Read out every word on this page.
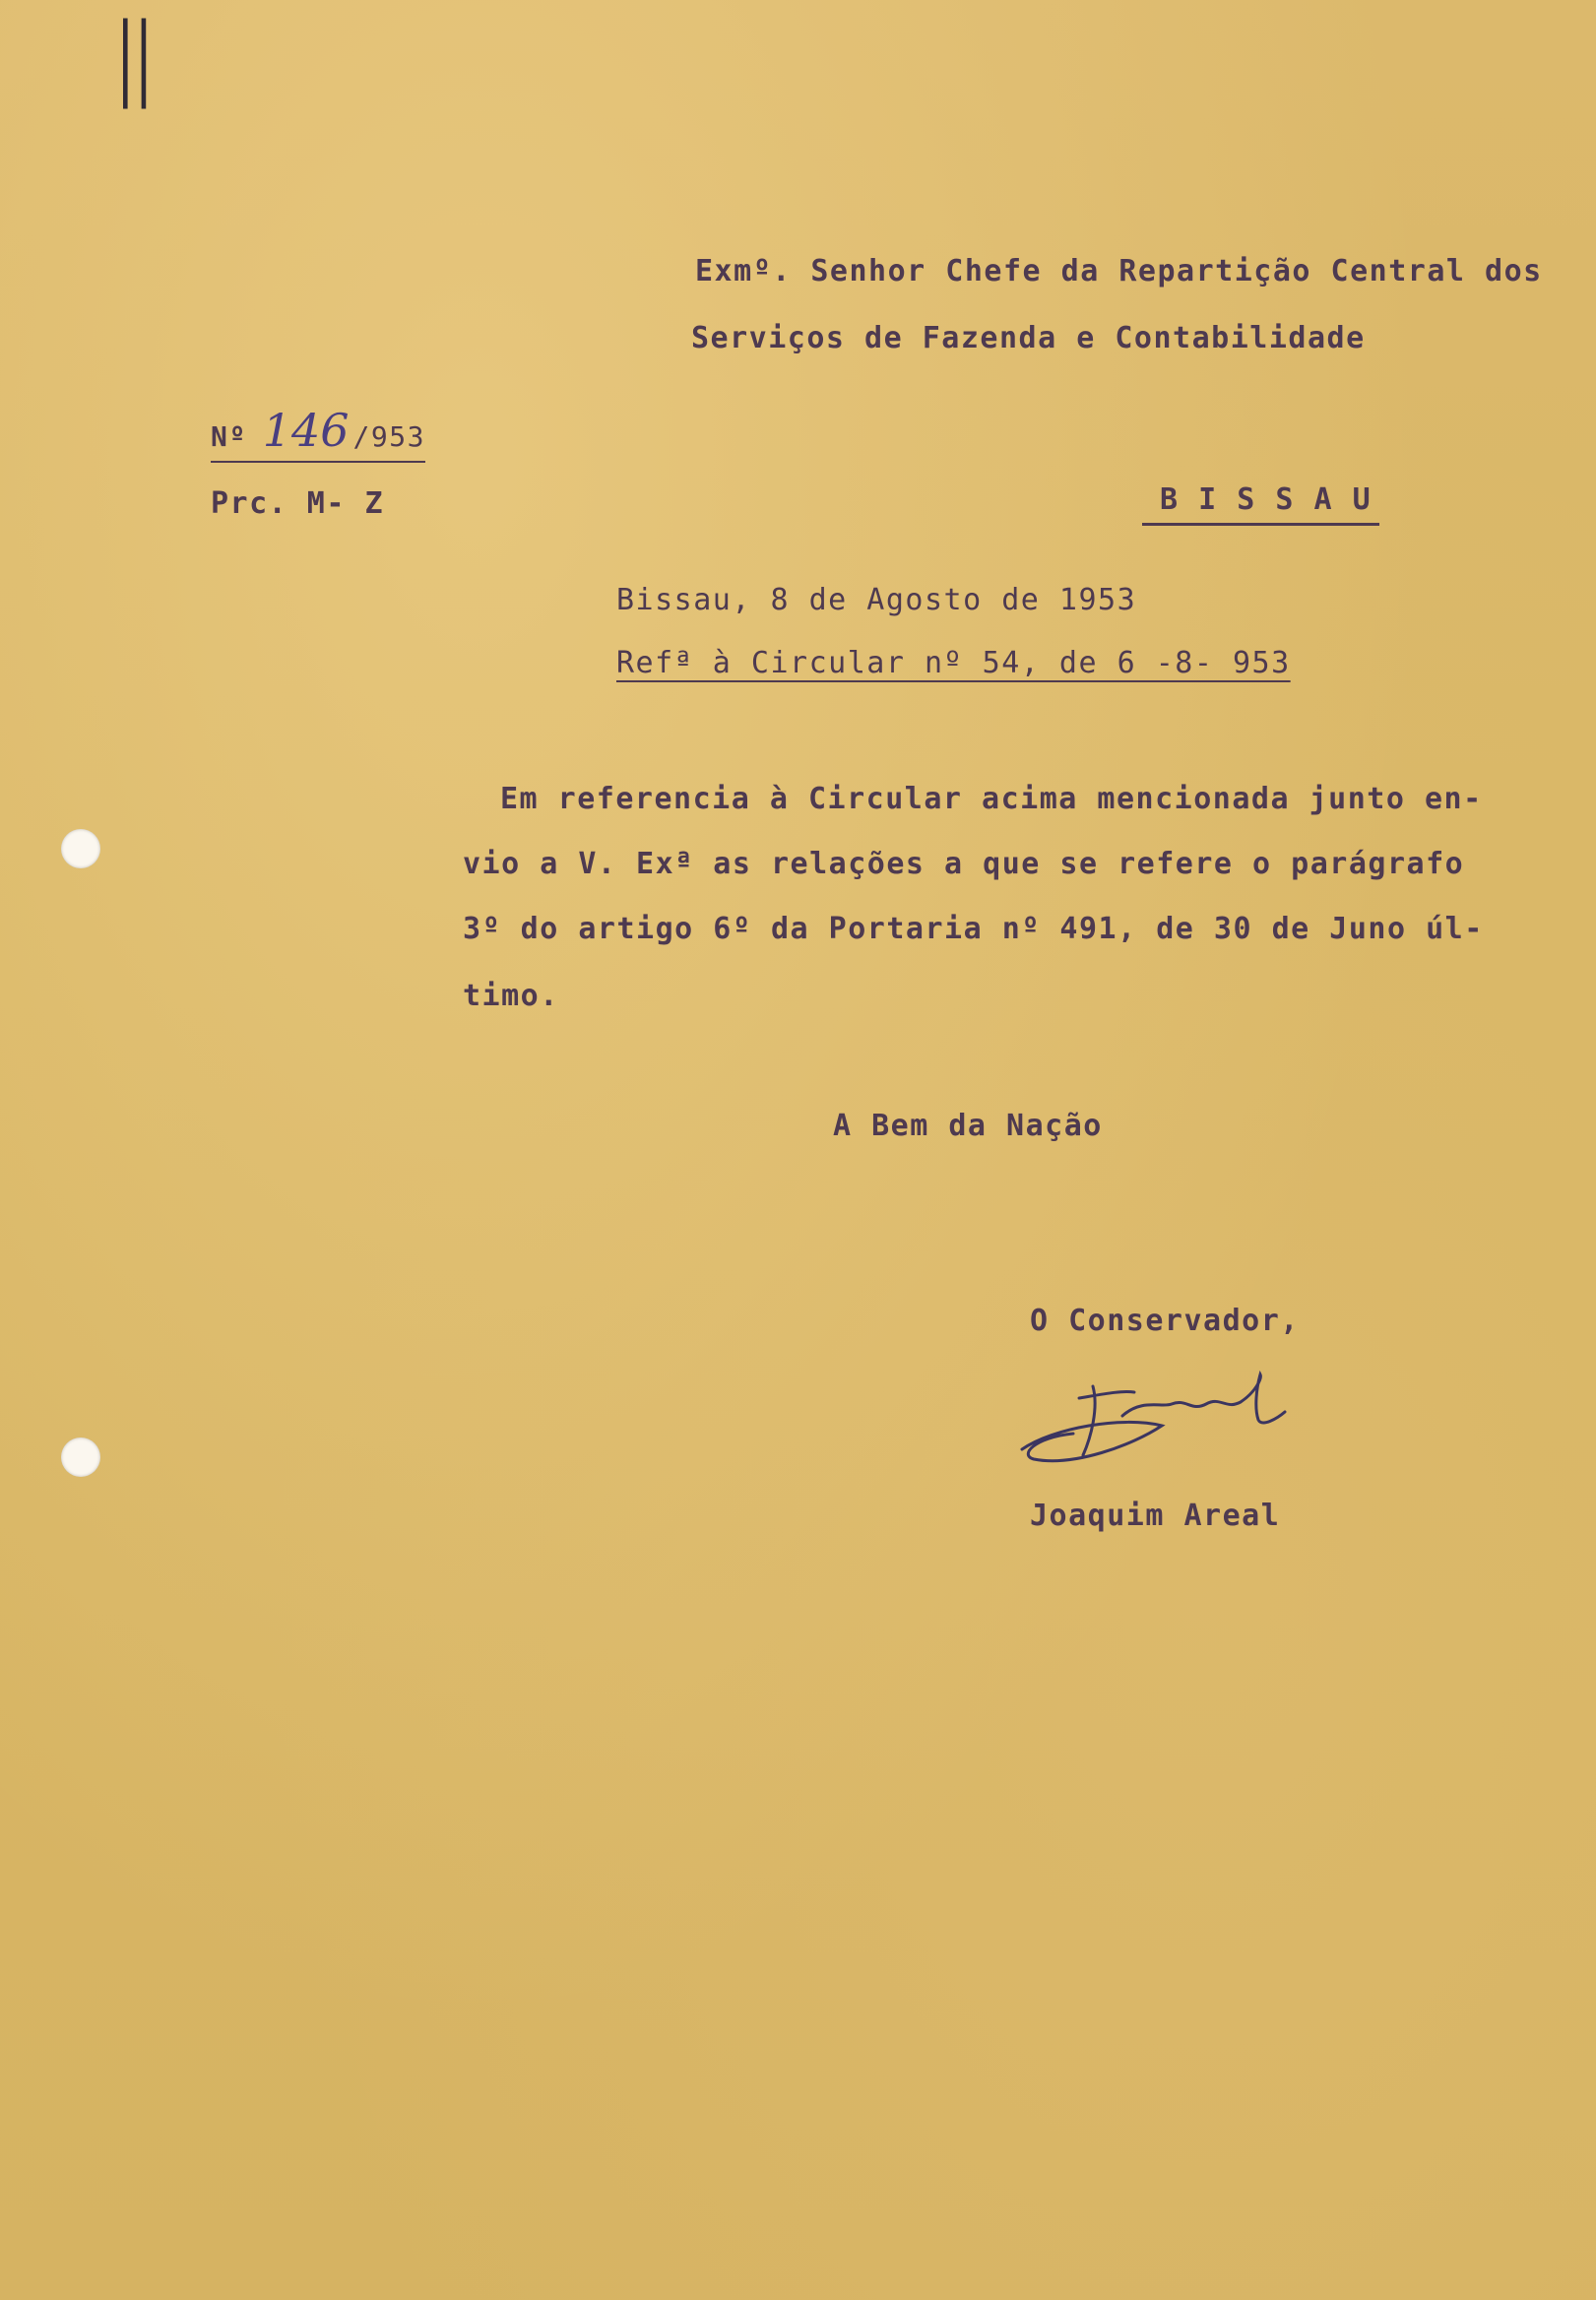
||
Exmº. Senhor Chefe da Repartição Central dos
Serviços de Fazenda e Contabilidade
Nº 146 /953
Prc. M- Z	B I S S A U
Bissau, 8 de Agosto de 1953
Refª à Circular nº 54, de 6 -8- 953
Em referencia à Circular acima mencionada junto en-
vio a V. Exª as relações a que se refere o parágrafo
3º do artigo 6º da Portaria nº 491, de 30 de Juno úl-
timo.
A Bem da Nação
O Conservador,
Joaquim Areal
